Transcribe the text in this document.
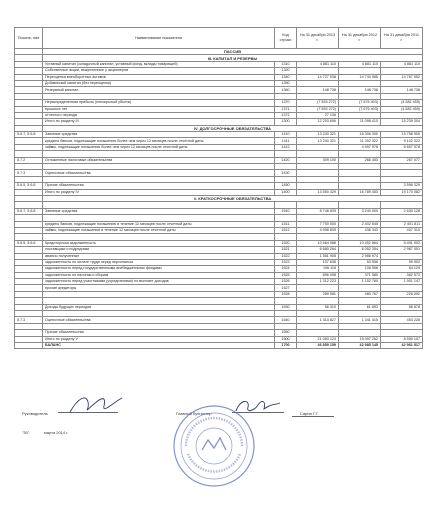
Поясне- ния	Наименование показателя	Код строки	На 31 декабря 2013 г.	На 31 декабря 2012 г.	На 31 декабря 2011 г.
	ПАССИВ				
	III. КАПИТАЛ И РЕЗЕРВЫ				
	Уставный капитал (складочный капитал, уставный фонд, вклады товарищей)	1310	4 881 110	4 881 110	4 881 110
	Собственные акции, выкупленные у акционеров	1320			
	Переоценка внеоборотных активов	1340	14 727 038	14 744 965	14 767 552
	Добавочный капитал (без переоценки)	1350			
	Резервный капитал	1360	148 738	148 738	148 738

	Нераспределенная прибыль (непокрытый убыток)	1370	(7 553 272)	(7 676 403)	(4 582 455)
	прошлых лет	1371	(7 553 272)	(7 676 403)	(4 582 455)
	отчетного периода	1372	27 136		
	Итого по разделу III	1300	12 203 606	11 098 410	15 239 304
	IV. ДОЛГОСРОЧНЫЕ ОБЯЗАТЕЛЬСТВА				
5.6.7, 5.6.8	Заемные средства	1410	13 240 321	16 306 300	15 758 900
	кредиты банков, подлежащие погашению более чем через 12 месяцев после отчетной даты	1411	13 240 321	11 302 322	9 102 322
	займы, подлежащие погашению более чем через 12 месяцев после отчетной даты	1412		4 997 978	6 657 578

5.7.2	Отложенные налоговые обязательства	1420	309 100	266 453	257 077

5.7.3	Оценочные обязательства	1430			

5.6.5, 5.6.6	Прочие обязательства	1450			3 596 329
	Итого по разделу IV	1400	13 550 429	16 789 453	19 170 082
	V. КРАТКОСРОЧНЫЕ ОБЯЗАТЕЛЬСТВА				

5.6.7, 5.6.8	Заемные средства	1510	8 748 839	3 240 000	2 630 128

	кредиты банков, подлежащие погашению в течение 12 месяцев после отчетной даты	1511	7 750 000	2 402 545	2 401 811
	займы, подлежащие погашению в течение 12 месяцев после отчетной даты	1512	4 998 839	436 343	407 310

5.6.5, 5.6.6	Кредиторская задолженность	1520	10 684 088	10 452 864	5 491 902
	поставщики и подрядчики	1521	6 680 264	6 052 354	2 987 051
	авансы полученные	1522	1 581 908	2 986 974	
	задолженность по оплате труда перед персоналом	1523	107 638	53 958	59 902
	задолженность перед государственными внебюджетными фондами	1524	106 116	108 558	64 129
	задолженность по налогам и сборам	1525	896 008	371 580	362 573
	задолженность перед участниками (учредителями) по выплате доходов	1526	1 312 223	1 152 780	1 901 147
	прочие кредиторы	1527			
		1528	289 081	480 767	226 092

	Доходы будущих периодов	1530	56 310	61 893	58 878

5.7.3	Оценочные обязательства	1540	1 313 827	1 341 415	453 228

	Прочие обязательства	1550			
	Итого по разделу V	1500	21 083 124	15 097 262	8 550 107
	БАЛАНС	1700	46 859 159	42 985 145	42 961 517
Руководитель	Главный бухгалтер	Сарин Г.Г.
"30"	марта 2014 г.
